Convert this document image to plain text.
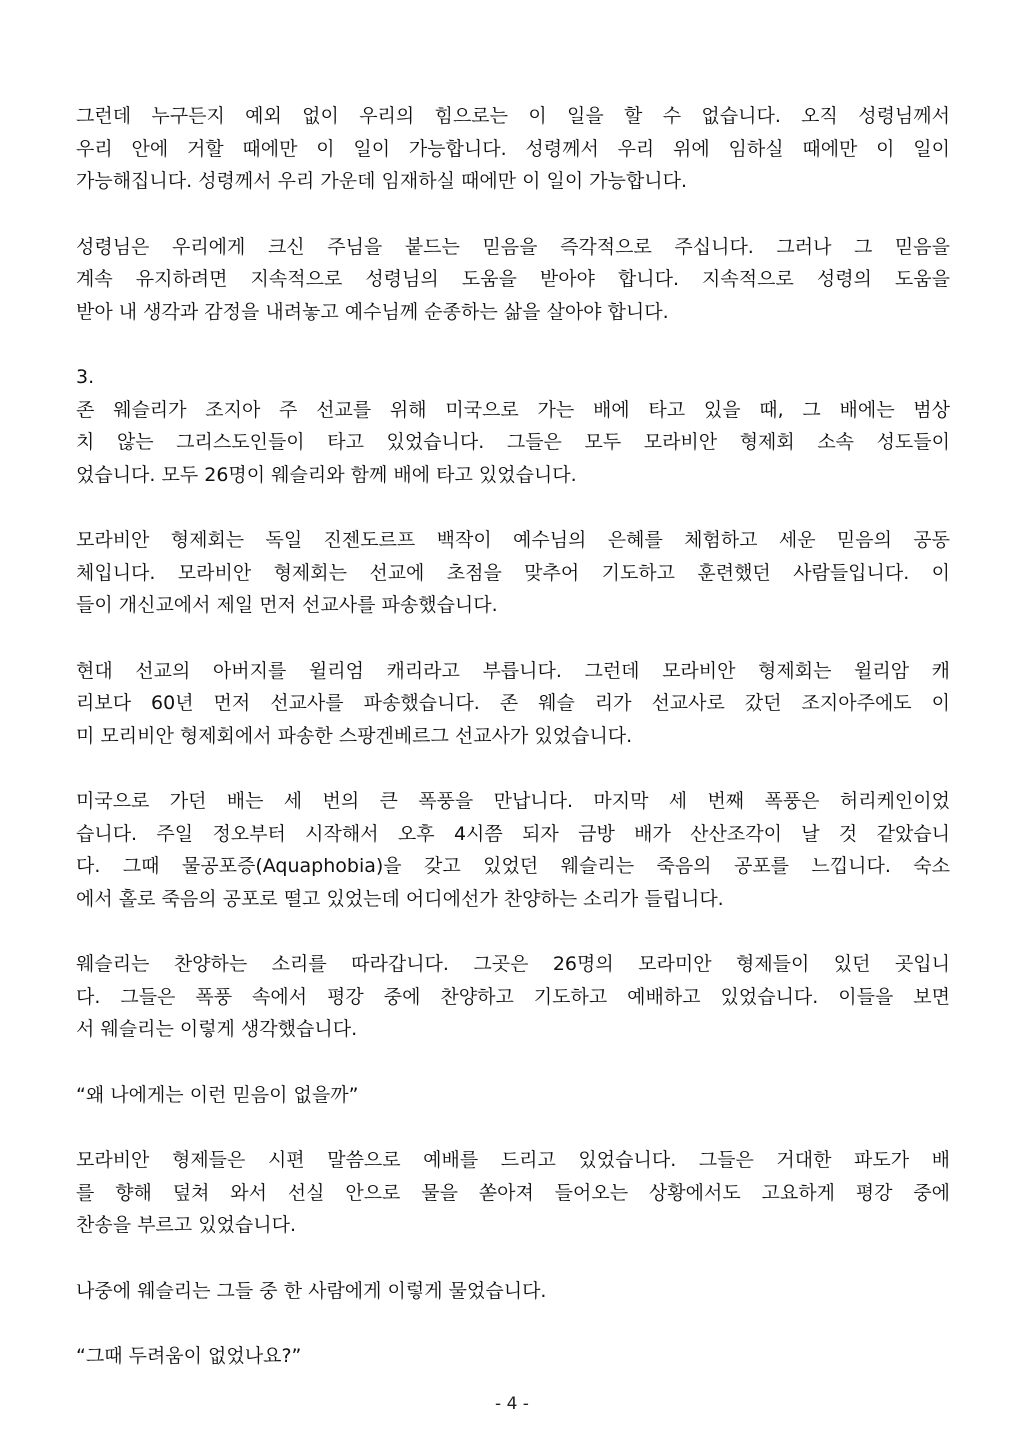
그런데 누구든지 예외 없이 우리의 힘으로는 이 일을 할 수 없습니다. 오직 성령님께서
우리 안에 거할 때에만 이 일이 가능합니다. 성령께서 우리 위에 임하실 때에만 이 일이
가능해집니다. 성령께서 우리 가운데 임재하실 때에만 이 일이 가능합니다.

성령님은 우리에게 크신 주님을 붙드는 믿음을 즉각적으로 주십니다. 그러나 그 믿음을
계속 유지하려면 지속적으로 성령님의 도움을 받아야 합니다. 지속적으로 성령의 도움을
받아 내 생각과 감정을 내려놓고 예수님께 순종하는 삶을 살아야 합니다.

3.
존 웨슬리가 조지아 주 선교를 위해 미국으로 가는 배에 타고 있을 때, 그 배에는 범상
치 않는 그리스도인들이 타고 있었습니다. 그들은 모두 모라비안 형제회 소속 성도들이
었습니다. 모두 26명이 웨슬리와 함께 배에 타고 있었습니다.

모라비안 형제회는 독일 진젠도르프 백작이 예수님의 은혜를 체험하고 세운 믿음의 공동
체입니다. 모라비안 형제회는 선교에 초점을 맞추어 기도하고 훈련했던 사람들입니다. 이
들이 개신교에서 제일 먼저 선교사를 파송했습니다.

현대 선교의 아버지를 윌리엄 캐리라고 부릅니다. 그런데 모라비안 형제회는 윌리암 캐
리보다 60년 먼저 선교사를 파송했습니다. 존 웨슬 리가 선교사로 갔던 조지아주에도 이
미 모리비안 형제회에서 파송한 스팡겐베르그 선교사가 있었습니다.

미국으로 가던 배는 세 번의 큰 폭풍을 만납니다. 마지막 세 번째 폭풍은 허리케인이었
습니다. 주일 정오부터 시작해서 오후 4시쯤 되자 금방 배가 산산조각이 날 것 같았습니
다. 그때 물공포증(Aquaphobia)을 갖고 있었던 웨슬리는 죽음의 공포를 느낍니다. 숙소
에서 홀로 죽음의 공포로 떨고 있었는데 어디에선가 찬양하는 소리가 들립니다.

웨슬리는 찬양하는 소리를 따라갑니다. 그곳은 26명의 모라미안 형제들이 있던 곳입니
다. 그들은 폭풍 속에서 평강 중에 찬양하고 기도하고 예배하고 있었습니다. 이들을 보면
서 웨슬리는 이렇게 생각했습니다.

“왜 나에게는 이런 믿음이 없을까”

모라비안 형제들은 시편 말씀으로 예배를 드리고 있었습니다. 그들은 거대한 파도가 배
를 향해 덮쳐 와서 선실 안으로 물을 쏟아져 들어오는 상황에서도 고요하게 평강 중에
찬송을 부르고 있었습니다.

나중에 웨슬리는 그들 중 한 사람에게 이렇게 물었습니다.

“그때 두려움이 없었나요?”

- 4 -
